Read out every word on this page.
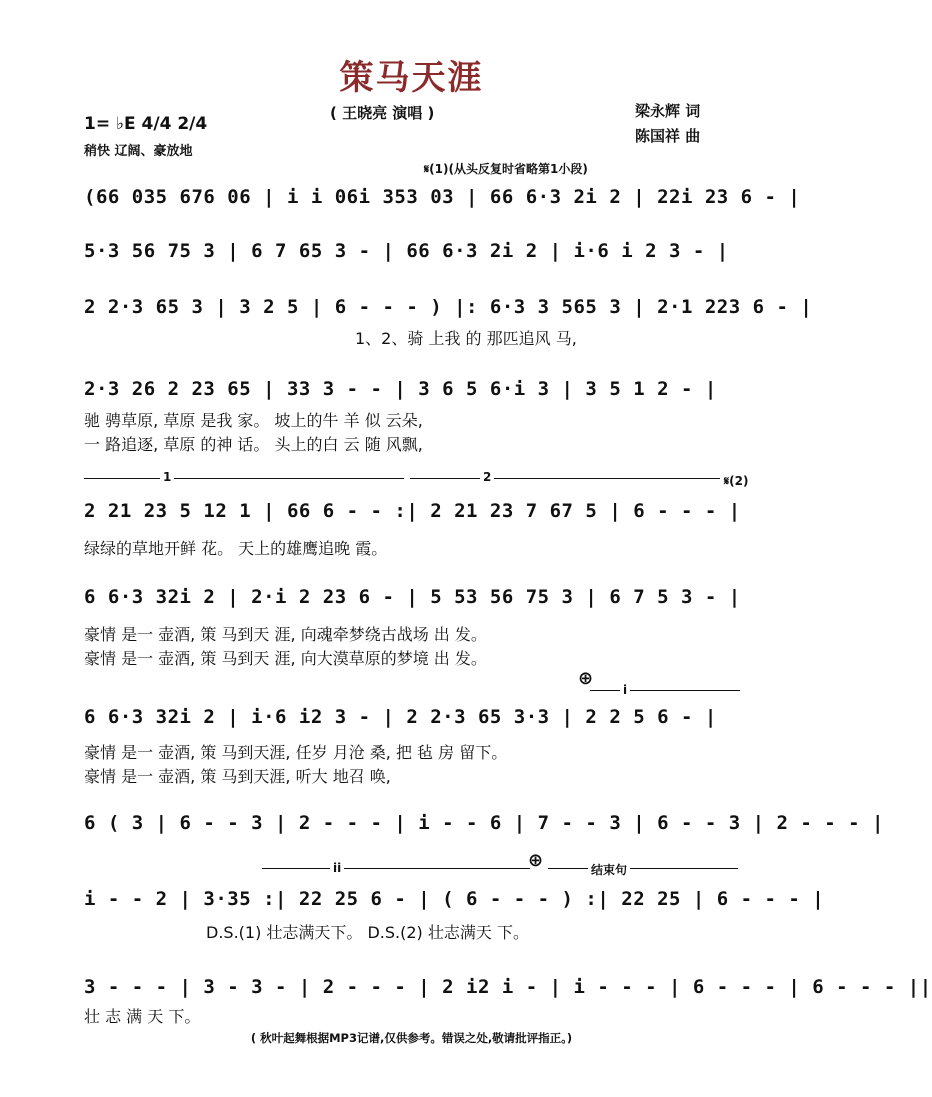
策马天涯
( 王晓亮 演唱 )	梁永辉 词
陈国祥 曲
1= ♭E 4/4 2/4
稍快 辽阔、豪放地
𝄋(1)(从头反复时省略第1小段)
(66 035 676 06 | i i 06i 353 03 | 66 6·3 2i 2 | 22i 23 6 - |
5·3 56 75 3 | 6 7 65 3 - | 66 6·3 2i 2 | i·6 i 2 3 - |
2 2·3 65 3 | 3 2 5 | 6 - - - ) |: 6·3 3 565 3 | 2·1 223 6 - |
1、2、骑 上我 的 那匹追风 马,
2·3 26 2 23 65 | 33 3 - - | 3 6 5 6·i 3 | 3 5 1 2 - |
驰 骋草原, 草原 是我 家。 坡上的牛 羊 似 云朵,
一 路追逐, 草原 的神 话。 头上的白 云 随 风飘,
1	2	𝄋(2)
2 21 23 5 12 1 | 66 6 - - :| 2 21 23 7 67 5 | 6 - - - |
绿绿的草地开鲜 花。 天上的雄鹰追晚 霞。
6 6·3 32i 2 | 2·i 2 23 6 - | 5 53 56 75 3 | 6 7 5 3 - |
豪情 是一 壶酒, 策 马到天 涯, 向魂牵梦绕古战场 出 发。
豪情 是一 壶酒, 策 马到天 涯, 向大漠草原的梦境 出 发。
⊕
i
6 6·3 32i 2 | i·6 i2 3 - | 2 2·3 65 3·3 | 2 2 5 6 - |
豪情 是一 壶酒, 策 马到天涯, 任岁 月沧 桑, 把 毡 房 留下。
豪情 是一 壶酒, 策 马到天涯, 听大 地召 唤,
6 ( 3 | 6 - - 3 | 2 - - - | i - - 6 | 7 - - 3 | 6 - - 3 | 2 - - - |
ii	⊕	结束句
i - - 2 | 3·35 :| 22 25 6 - | ( 6 - - - ) :| 22 25 | 6 - - - |
D.S.(1) 壮志满天下。 D.S.(2) 壮志满天 下。
3 - - - | 3 - 3 - | 2 - - - | 2 i2 i - | i - - - | 6 - - - | 6 - - - ||
壮 志 满 天 下。
( 秋叶起舞根据MP3记谱,仅供参考。错误之处,敬请批评指正。)
